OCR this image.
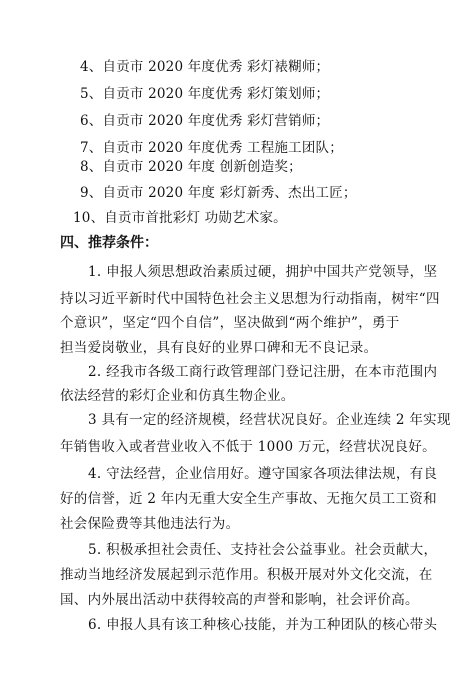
4、自贡市 2020 年度优秀 彩灯裱糊师；
5、自贡市 2020 年度优秀 彩灯策划师；
6、自贡市 2020 年度优秀 彩灯营销师；
7、自贡市 2020 年度优秀 工程施工团队；
8、自贡市 2020 年度 创新创造奖；
9、自贡市 2020 年度 彩灯新秀、杰出工匠；
10、自贡市首批彩灯 功勋艺术家。
四、推荐条件：
1. 申报人须思想政治素质过硬，拥护中国共产党领导，坚
持以习近平新时代中国特色社会主义思想为行动指南，树牢“四
个意识”，坚定“四个自信”，坚决做到“两个维护”，勇于
担当爱岗敬业，具有良好的业界口碑和无不良记录。
2. 经我市各级工商行政管理部门登记注册，在本市范围内
依法经营的彩灯企业和仿真生物企业。
3 具有一定的经济规模，经营状况良好。企业连续 2 年实现
年销售收入或者营业收入不低于 1000 万元，经营状况良好。
4. 守法经营，企业信用好。遵守国家各项法律法规，有良
好的信誉，近 2 年内无重大安全生产事故、无拖欠员工工资和
社会保险费等其他违法行为。
5. 积极承担社会责任、支持社会公益事业。社会贡献大，
推动当地经济发展起到示范作用。积极开展对外文化交流，在
国、内外展出活动中获得较高的声誉和影响，社会评价高。
6. 申报人具有该工种核心技能，并为工种团队的核心带头
